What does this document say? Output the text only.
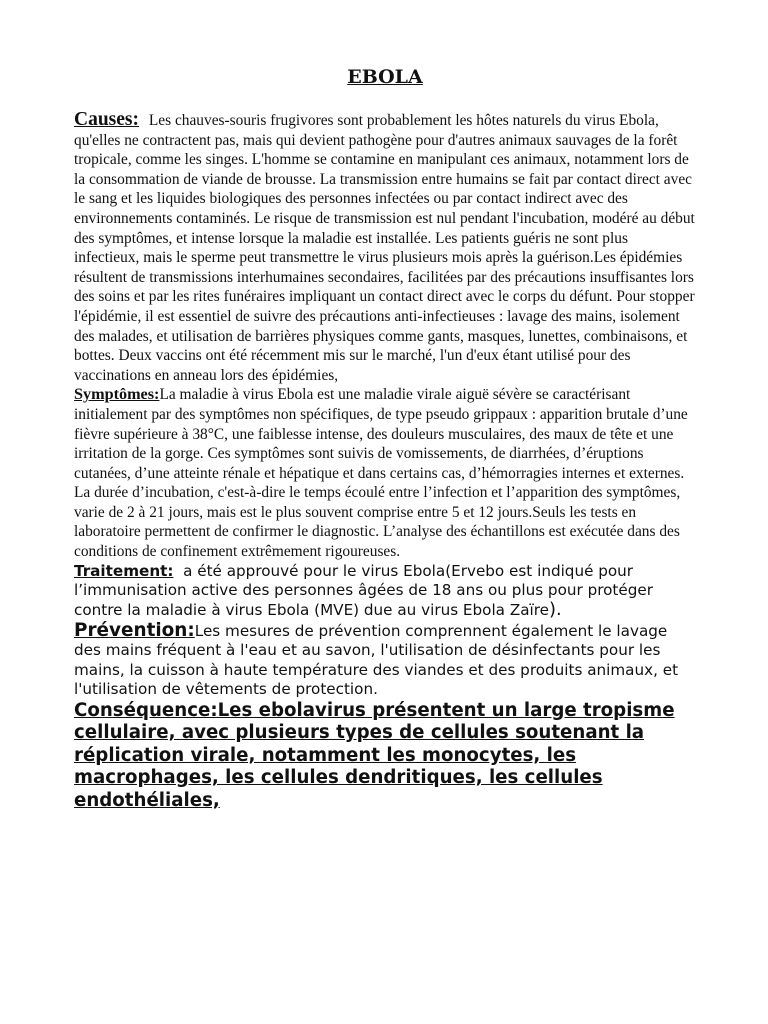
EBOLA

Causes: Les chauves-souris frugivores sont probablement les hôtes naturels du virus Ebola, qu'elles ne contractent pas, mais qui devient pathogène pour d'autres animaux sauvages de la forêt tropicale, comme les singes. L'homme se contamine en manipulant ces animaux, notamment lors de la consommation de viande de brousse. La transmission entre humains se fait par contact direct avec le sang et les liquides biologiques des personnes infectées ou par contact indirect avec des environnements contaminés. Le risque de transmission est nul pendant l'incubation, modéré au début des symptômes, et intense lorsque la maladie est installée. Les patients guéris ne sont plus infectieux, mais le sperme peut transmettre le virus plusieurs mois après la guérison.Les épidémies résultent de transmissions interhumaines secondaires, facilitées par des précautions insuffisantes lors des soins et par les rites funéraires impliquant un contact direct avec le corps du défunt. Pour stopper l'épidémie, il est essentiel de suivre des précautions anti-infectieuses : lavage des mains, isolement des malades, et utilisation de barrières physiques comme gants, masques, lunettes, combinaisons, et bottes. Deux vaccins ont été récemment mis sur le marché, l'un d'eux étant utilisé pour des vaccinations en anneau lors des épidémies,

Symptômes:La maladie à virus Ebola est une maladie virale aiguë sévère se caractérisant initialement par des symptômes non spécifiques, de type pseudo grippaux : apparition brutale d’une fièvre supérieure à 38°C, une faiblesse intense, des douleurs musculaires, des maux de tête et une irritation de la gorge. Ces symptômes sont suivis de vomissements, de diarrhées, d’éruptions cutanées, d’une atteinte rénale et hépatique et dans certains cas, d’hémorragies internes et externes. La durée d’incubation, c'est-à-dire le temps écoulé entre l’infection et l’apparition des symptômes, varie de 2 à 21 jours, mais est le plus souvent comprise entre 5 et 12 jours.Seuls les tests en laboratoire permettent de confirmer le diagnostic. L’analyse des échantillons est exécutée dans des conditions de confinement extrêmement rigoureuses.

Traitement: a été approuvé pour le virus Ebola(Ervebo est indiqué pour l’immunisation active des personnes âgées de 18 ans ou plus pour protéger
contre la maladie à virus Ebola (MVE) due au virus Ebola Zaïre).

Prévention:Les mesures de prévention comprennent également le lavage des mains fréquent à l'eau et au savon, l'utilisation de désinfectants pour les mains, la cuisson à haute température des viandes et des produits animaux, et l'utilisation de vêtements de protection.Conséquence:Les ebolavirus présentent un large tropisme cellulaire, avec plusieurs types de cellules soutenant la réplication virale, notamment les monocytes, les macrophages, les cellules dendritiques, les cellules endothéliales,
